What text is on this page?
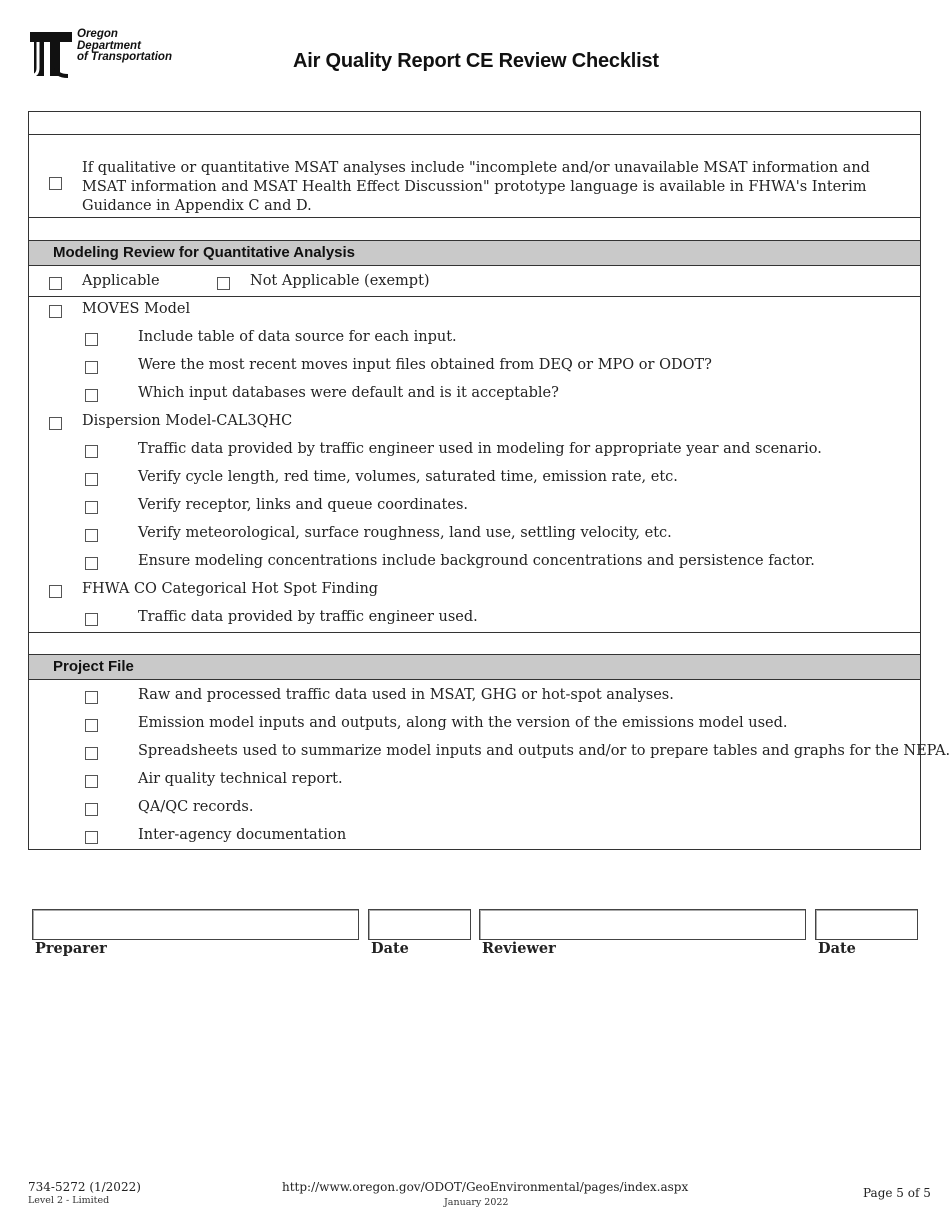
Oregon
Department
of Transportation	Air Quality Report CE Review Checklist
If qualitative or quantitative MSAT analyses include "incomplete and/or unavailable MSAT information and MSAT information and MSAT Health Effect Discussion" prototype language is available in FHWA's Interim Guidance in Appendix C and D.
Modeling Review for Quantitative Analysis
Applicable	Not Applicable (exempt)
MOVES Model
Include table of data source for each input.
Were the most recent moves input files obtained from DEQ or MPO or ODOT?
Which input databases were default and is it acceptable?
Dispersion Model-CAL3QHC
Traffic data provided by traffic engineer used in modeling for appropriate year and scenario.
Verify cycle length, red time, volumes, saturated time, emission rate, etc.
Verify receptor, links and queue coordinates.
Verify meteorological, surface roughness, land use, settling velocity, etc.
Ensure modeling concentrations include background concentrations and persistence factor.
FHWA CO Categorical Hot Spot Finding
Traffic data provided by traffic engineer used.
Project File
Raw and processed traffic data used in MSAT, GHG or hot-spot analyses.
Emission model inputs and outputs, along with the version of the emissions model used.
Spreadsheets used to summarize model inputs and outputs and/or to prepare tables and graphs for the NEPA.
Air quality technical report.
QA/QC records.
Inter-agency documentation
Preparer	Date	Reviewer	Date
734-5272 (1/2022)
Level 2 - Limited
http://www.oregon.gov/ODOT/GeoEnvironmental/pages/index.aspx
January 2022
Page 5 of 5
